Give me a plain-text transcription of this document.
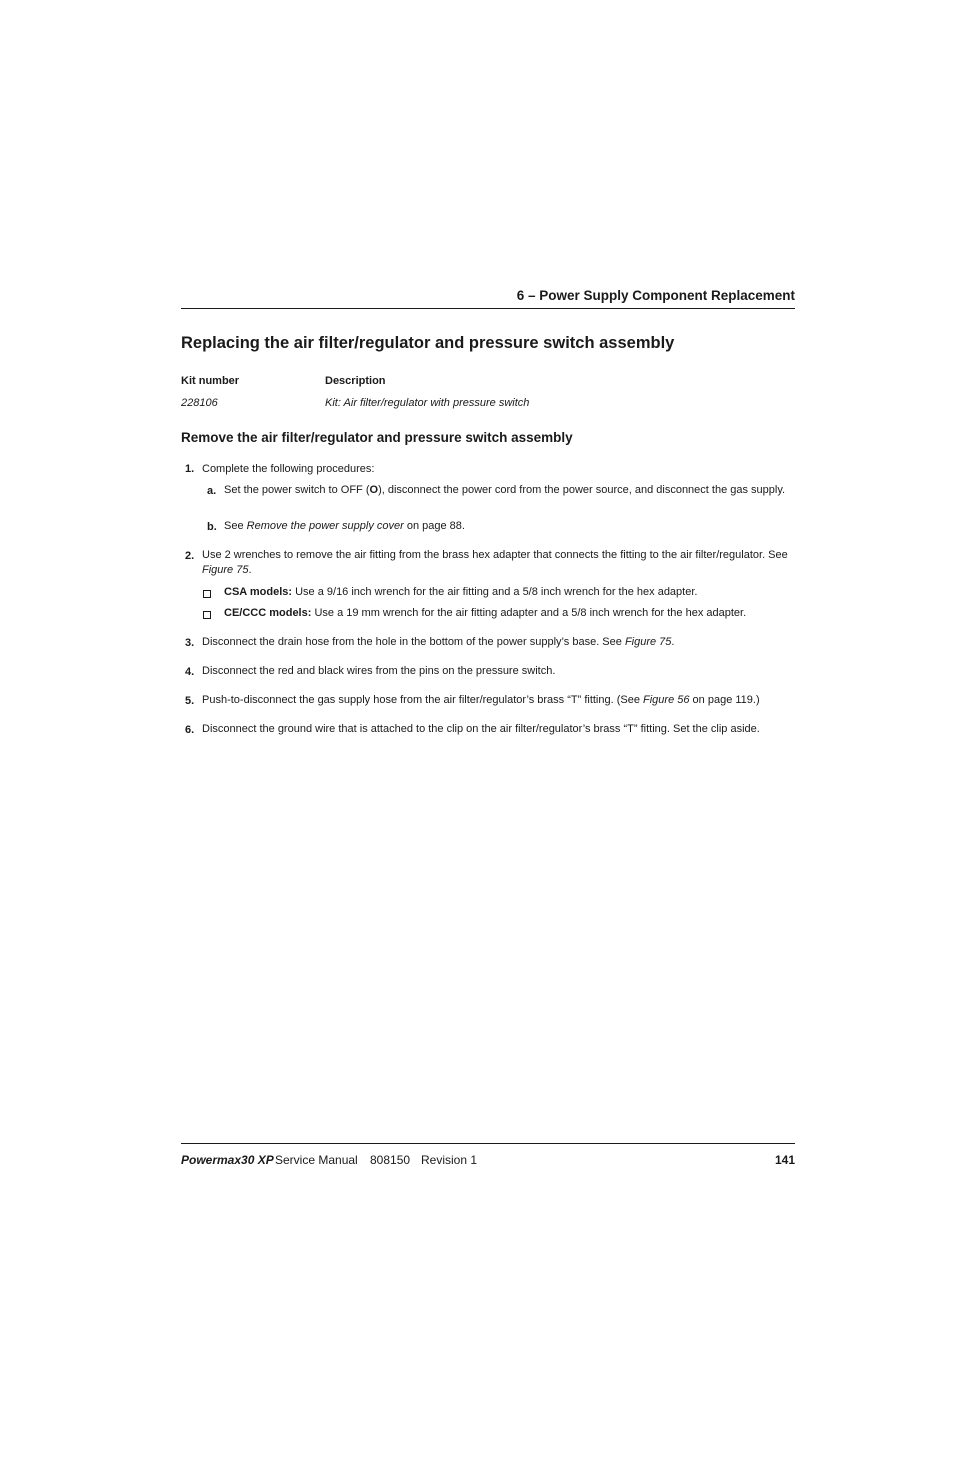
6 – Power Supply Component Replacement
Replacing the air filter/regulator and pressure switch assembly
Kit number	Description
228106	Kit: Air filter/regulator with pressure switch
Remove the air filter/regulator and pressure switch assembly
1. Complete the following procedures:
a. Set the power switch to OFF (O), disconnect the power cord from the power source, and disconnect the gas supply.
b. See Remove the power supply cover on page 88.
2. Use 2 wrenches to remove the air fitting from the brass hex adapter that connects the fitting to the air filter/regulator. See Figure 75.
CSA models: Use a 9/16 inch wrench for the air fitting and a 5/8 inch wrench for the hex adapter.
CE/CCC models: Use a 19 mm wrench for the air fitting adapter and a 5/8 inch wrench for the hex adapter.
3. Disconnect the drain hose from the hole in the bottom of the power supply’s base. See Figure 75.
4. Disconnect the red and black wires from the pins on the pressure switch.
5. Push-to-disconnect the gas supply hose from the air filter/regulator’s brass “T” fitting. (See Figure 56 on page 119.)
6. Disconnect the ground wire that is attached to the clip on the air filter/regulator’s brass “T” fitting. Set the clip aside.
Powermax30 XP Service Manual 808150 Revision 1	141
